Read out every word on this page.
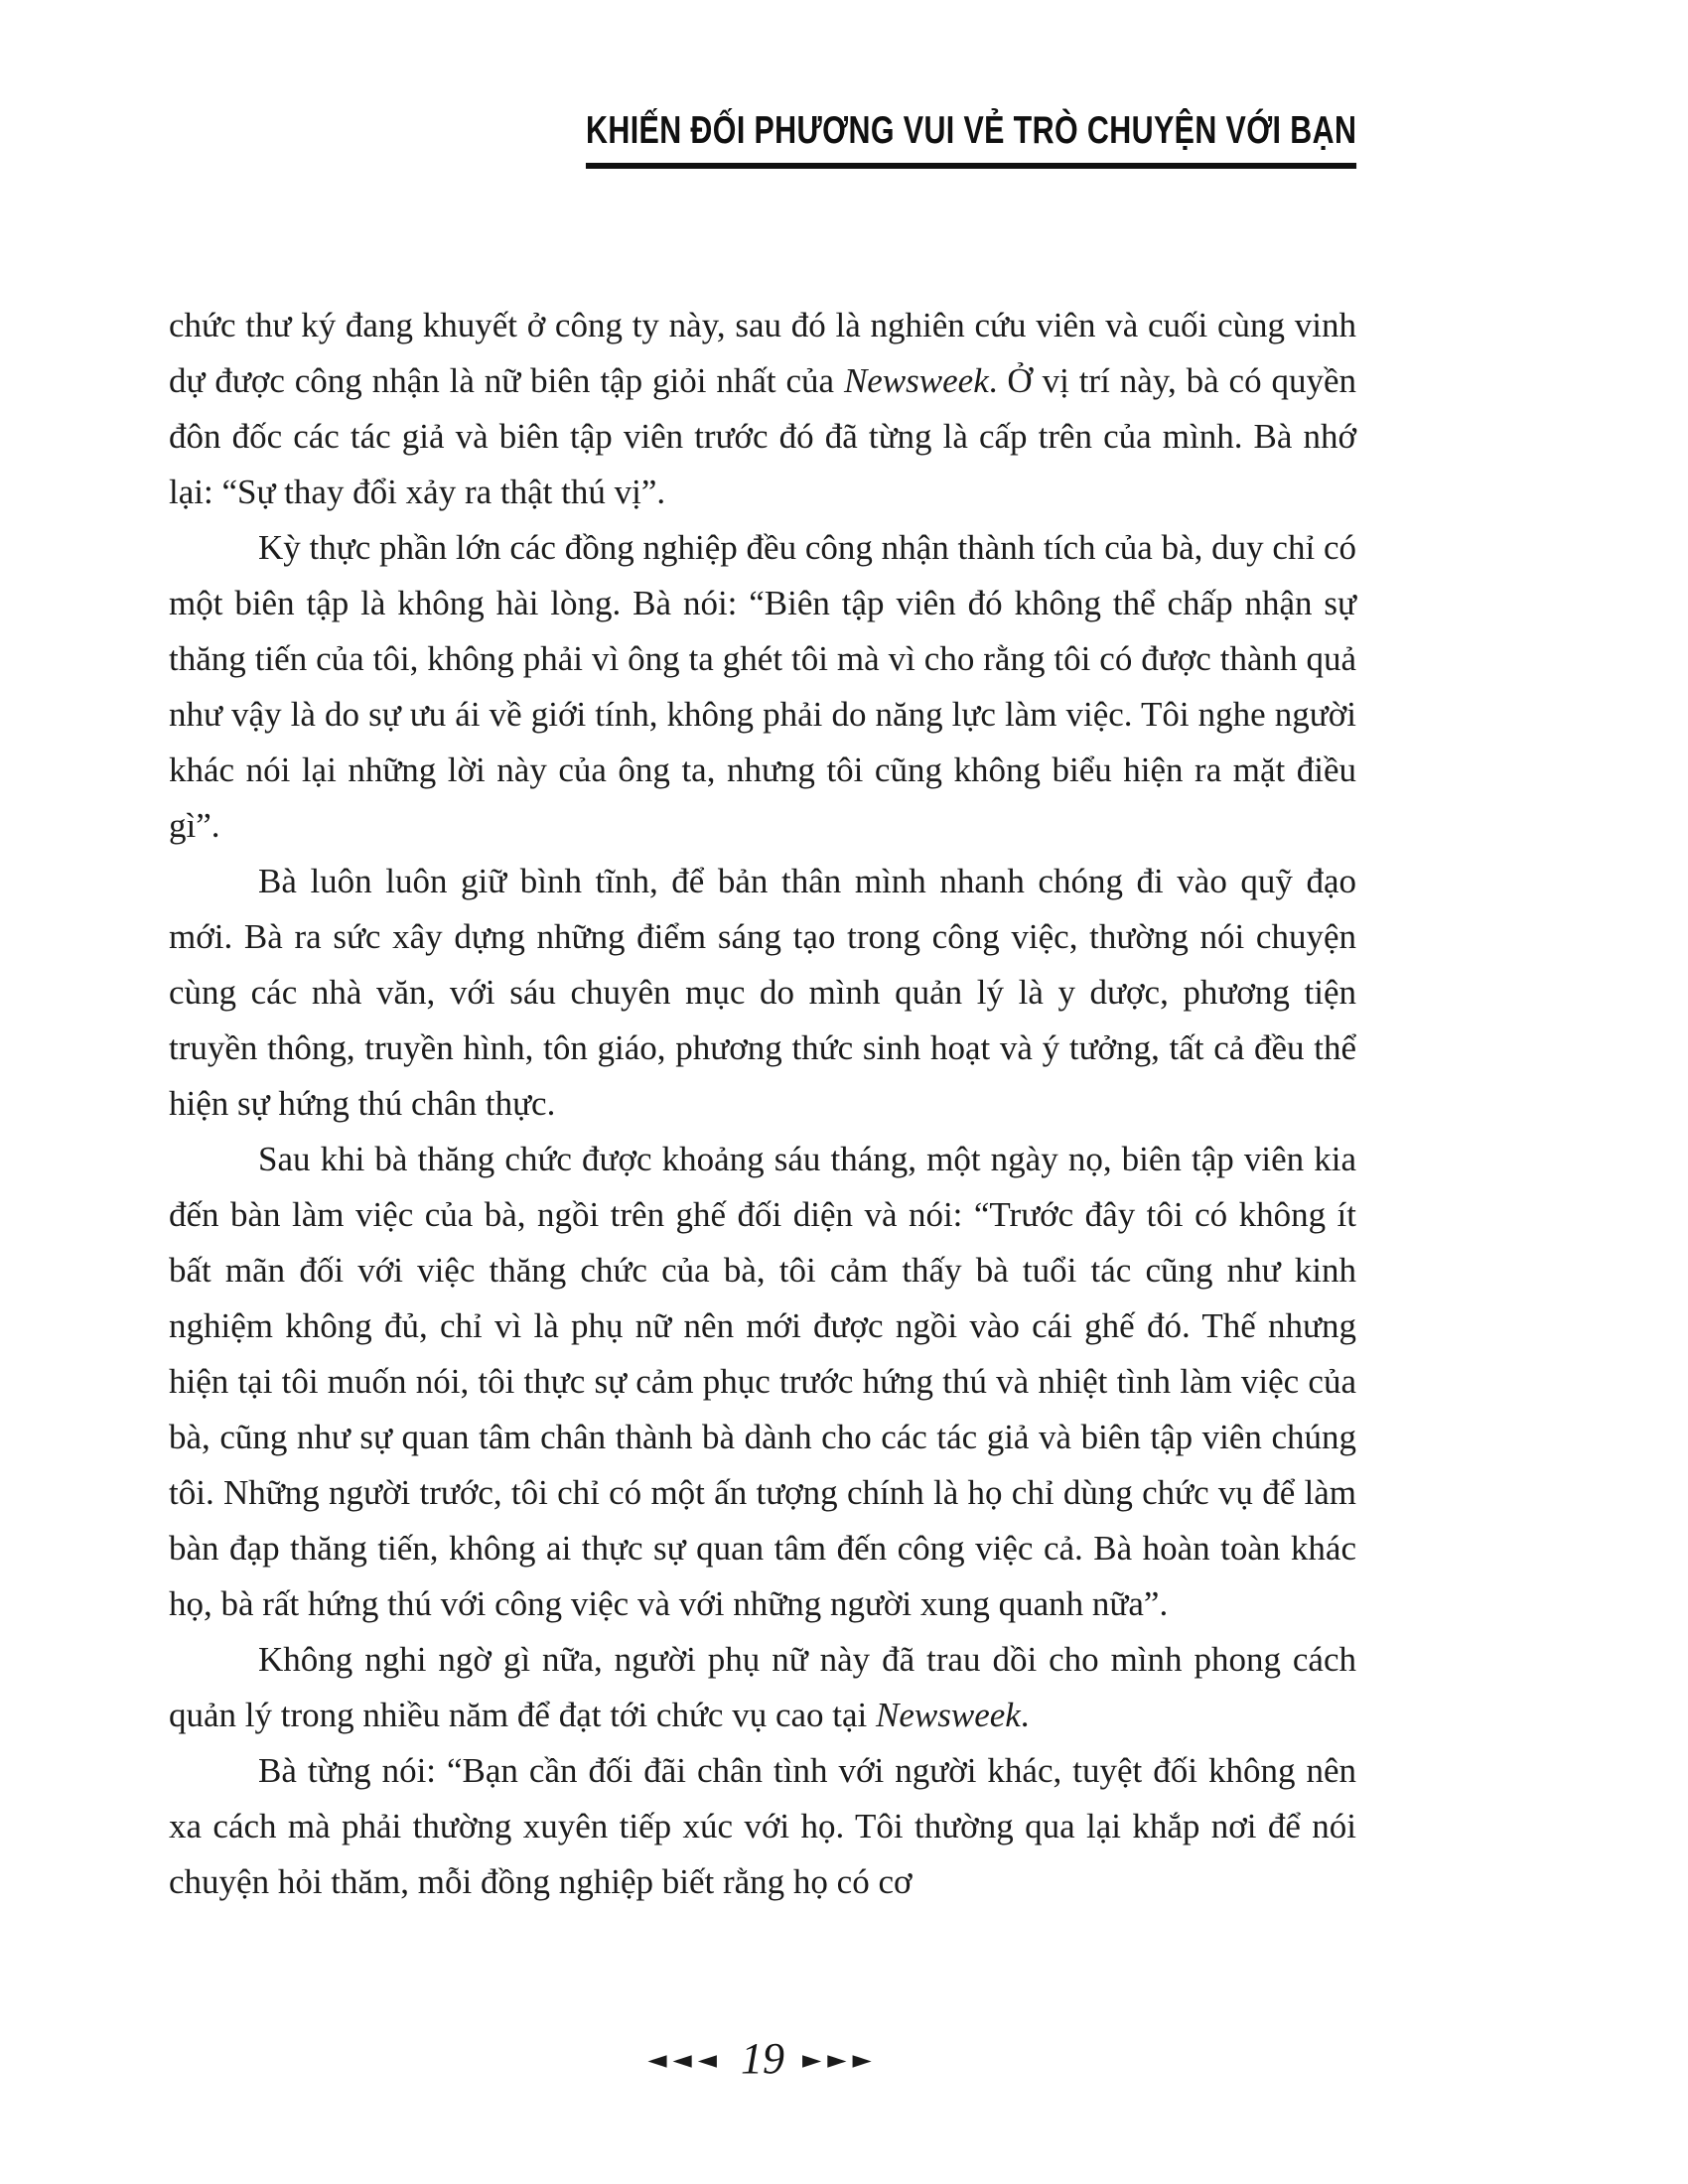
KHIẾN ĐỐI PHƯƠNG VUI VẺ TRÒ CHUYỆN VỚI BẠN

chức thư ký đang khuyết ở công ty này, sau đó là nghiên cứu viên và cuối cùng vinh dự được công nhận là nữ biên tập giỏi nhất của Newsweek. Ở vị trí này, bà có quyền đôn đốc các tác giả và biên tập viên trước đó đã từng là cấp trên của mình. Bà nhớ lại: “Sự thay đổi xảy ra thật thú vị”.

Kỳ thực phần lớn các đồng nghiệp đều công nhận thành tích của bà, duy chỉ có một biên tập là không hài lòng. Bà nói: “Biên tập viên đó không thể chấp nhận sự thăng tiến của tôi, không phải vì ông ta ghét tôi mà vì cho rằng tôi có được thành quả như vậy là do sự ưu ái về giới tính, không phải do năng lực làm việc. Tôi nghe người khác nói lại những lời này của ông ta, nhưng tôi cũng không biểu hiện ra mặt điều gì”.

Bà luôn luôn giữ bình tĩnh, để bản thân mình nhanh chóng đi vào quỹ đạo mới. Bà ra sức xây dựng những điểm sáng tạo trong công việc, thường nói chuyện cùng các nhà văn, với sáu chuyên mục do mình quản lý là y dược, phương tiện truyền thông, truyền hình, tôn giáo, phương thức sinh hoạt và ý tưởng, tất cả đều thể hiện sự hứng thú chân thực.

Sau khi bà thăng chức được khoảng sáu tháng, một ngày nọ, biên tập viên kia đến bàn làm việc của bà, ngồi trên ghế đối diện và nói: “Trước đây tôi có không ít bất mãn đối với việc thăng chức của bà, tôi cảm thấy bà tuổi tác cũng như kinh nghiệm không đủ, chỉ vì là phụ nữ nên mới được ngồi vào cái ghế đó. Thế nhưng hiện tại tôi muốn nói, tôi thực sự cảm phục trước hứng thú và nhiệt tình làm việc của bà, cũng như sự quan tâm chân thành bà dành cho các tác giả và biên tập viên chúng tôi. Những người trước, tôi chỉ có một ấn tượng chính là họ chỉ dùng chức vụ để làm bàn đạp thăng tiến, không ai thực sự quan tâm đến công việc cả. Bà hoàn toàn khác họ, bà rất hứng thú với công việc và với những người xung quanh nữa”.

Không nghi ngờ gì nữa, người phụ nữ này đã trau dồi cho mình phong cách quản lý trong nhiều năm để đạt tới chức vụ cao tại Newsweek.

Bà từng nói: “Bạn cần đối đãi chân tình với người khác, tuyệt đối không nên xa cách mà phải thường xuyên tiếp xúc với họ. Tôi thường qua lại khắp nơi để nói chuyện hỏi thăm, mỗi đồng nghiệp biết rằng họ có cơ

◄◄◄ 19 ►►►
